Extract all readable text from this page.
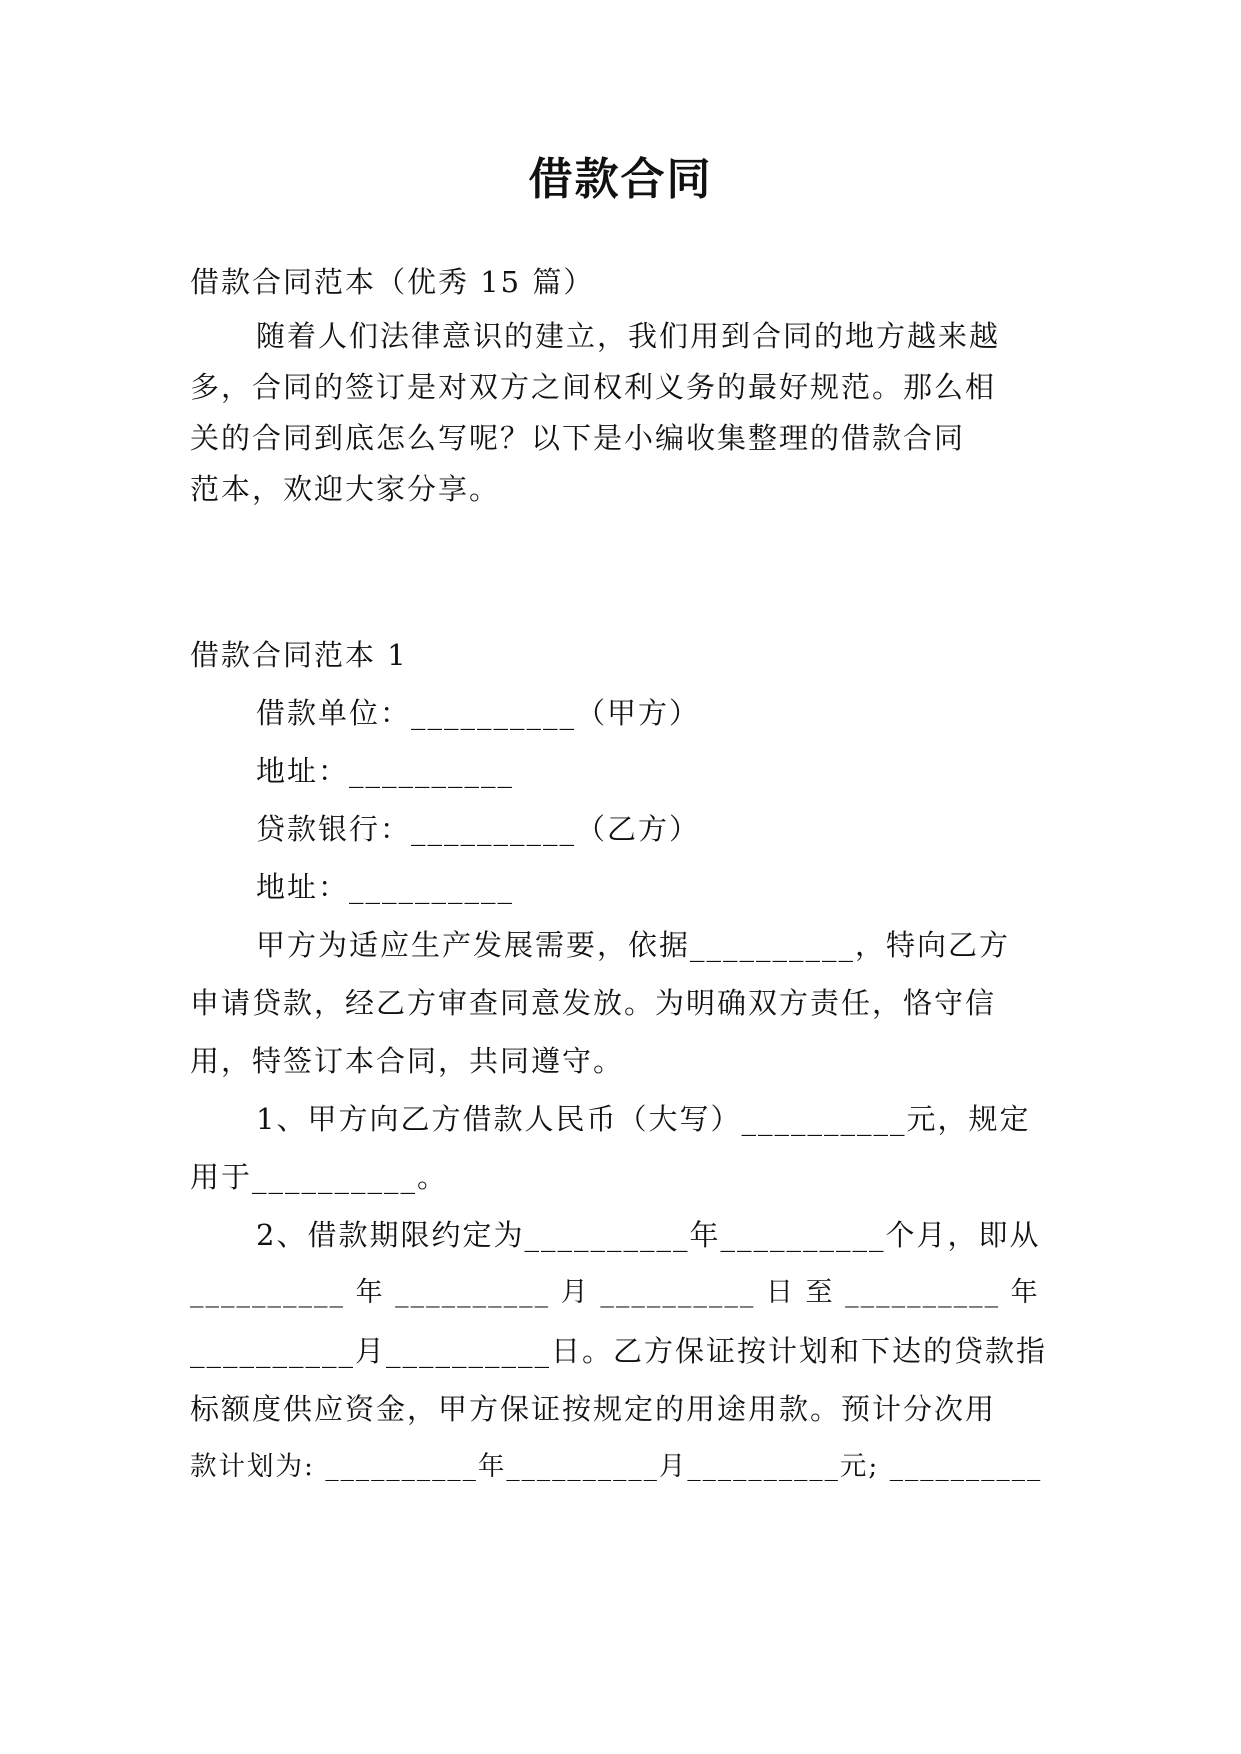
借款合同
借款合同范本（优秀 15 篇）
随着人们法律意识的建立，我们用到合同的地方越来越
多，合同的签订是对双方之间权利义务的最好规范。那么相
关的合同到底怎么写呢？以下是小编收集整理的借款合同
范本，欢迎大家分享。
借款合同范本 1
借款单位：__________（甲方）
地址：__________
贷款银行：__________（乙方）
地址：__________
甲方为适应生产发展需要，依据__________，特向乙方
申请贷款，经乙方审查同意发放。为明确双方责任，恪守信
用，特签订本合同，共同遵守。
1、甲方向乙方借款人民币（大写）__________元，规定
用于__________。
2、借款期限约定为__________年__________个月，即从
__________ 年 __________ 月 __________ 日 至 __________ 年
__________月__________日。乙方保证按计划和下达的贷款指
标额度供应资金，甲方保证按规定的用途用款。预计分次用
款计划为: __________年__________月__________元; __________
